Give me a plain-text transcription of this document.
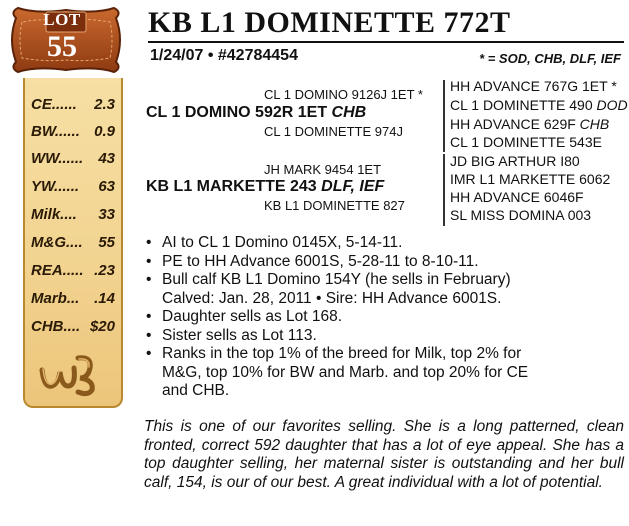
LOT
55
CE...... 2.3
BW...... 0.9
WW...... 43
YW...... 63
Milk.... 33
M&G.... 55
REA..... .23
Marb... .14
CHB.... $20
KB L1 DOMINETTE 772T
1/24/07 • #42784454	* = SOD, CHB, DLF, IEF
CL 1 DOMINO 9126J 1ET *
CL 1 DOMINO 592R 1ET CHB
CL 1 DOMINETTE 974J
JH MARK 9454 1ET
KB L1 MARKETTE 243 DLF, IEF
KB L1 DOMINETTE 827
HH ADVANCE 767G 1ET *
CL 1 DOMINETTE 490 DOD
HH ADVANCE 629F CHB
CL 1 DOMINETTE 543E
JD BIG ARTHUR I80
IMR L1 MARKETTE 6062
HH ADVANCE 6046F
SL MISS DOMINA 003
• AI to CL 1 Domino 0145X, 5-14-11.
• PE to HH Advance 6001S, 5-28-11 to 8-10-11.
• Bull calf KB L1 Domino 154Y (he sells in February)
Calved: Jan. 28, 2011 • Sire: HH Advance 6001S.
• Daughter sells as Lot 168.
• Sister sells as Lot 113.
• Ranks in the top 1% of the breed for Milk, top 2% for
M&G, top 10% for BW and Marb. and top 20% for CE
and CHB.
This is one of our favorites selling. She is a long patterned, clean fronted, correct 592 daughter that has a lot of eye appeal. She has a top daughter selling, her maternal sister is outstanding and her bull calf, 154, is our of our best. A great individual with a lot of potential.
